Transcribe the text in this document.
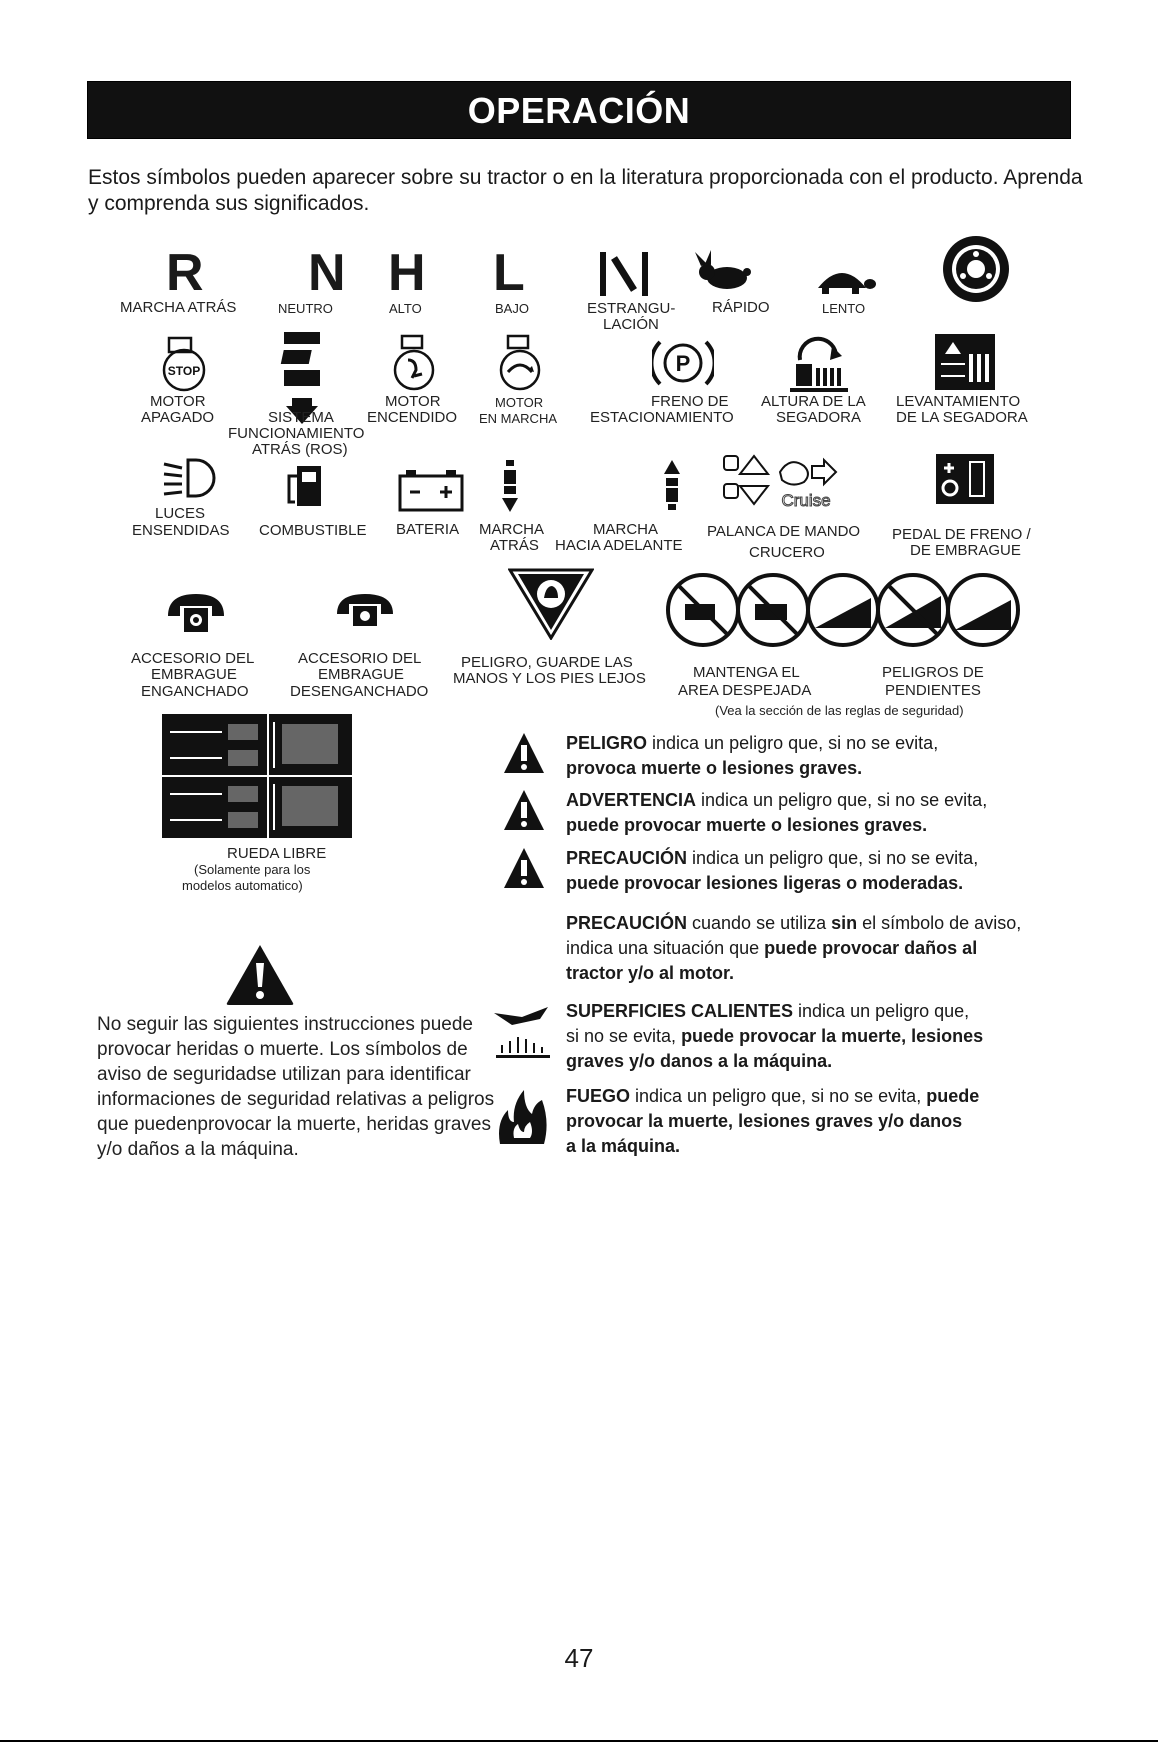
OPERACIÓN
Estos símbolos pueden aparecer sobre su tractor o en la literatura proporcionada con el producto. Aprenda y comprenda sus significados.
R N H L
MARCHA ATRÁS	NEUTRO	ALTO	BAJO	ESTRANGU-
LACIÓN
RÁPIDO	LENTO
STOP	P
MOTOR
APAGADO	SISTEMA
FUNCIONAMIENTO
ATRÁS (ROS)
MOTOR
ENCENDIDO
MOTOR
EN MARCHA
FRENO DE
ESTACIONAMIENTO
ALTURA DE LA
SEGADORA
LEVANTAMIENTO
DE LA SEGADORA
Cruise
LUCES
ENSENDIDAS COMBUSTIBLE BATERIA MARCHA
ATRÁS
MARCHA
HACIA ADELANTE
PALANCA DE MANDO
CRUCERO
PEDAL DE FRENO /
DE EMBRAGUE
ACCESORIO DEL
EMBRAGUE
ENGANCHADO
ACCESORIO DEL
EMBRAGUE
DESENGANCHADO
PELIGRO, GUARDE LAS
MANOS Y LOS PIES LEJOS	MANTENGA EL
AREA DESPEJADA
PELIGROS DE
PENDIENTES
(Vea la sección de las reglas de seguridad)
RUEDA LIBRE
(Solamente para los
modelos automatico)
No seguir las siguientes instrucciones puede provocar heridas o muerte. Los símbolos de aviso de seguridadse utilizan para identificar informaciones de seguridad relativas a peligros que puedenprovocar la muerte, heridas graves y/o daños a la máquina.
PELIGRO indica un peligro que, si no se evita,
provoca muerte o lesiones graves.
ADVERTENCIA indica un peligro que, si no se evita,
puede provocar muerte o lesiones graves.
PRECAUCIÓN indica un peligro que, si no se evita,
puede provocar lesiones ligeras o moderadas.
PRECAUCIÓN cuando se utiliza sin el símbolo de aviso,
indica una situación que puede provocar daños al
tractor y/o al motor.
SUPERFICIES CALIENTES indica un peligro que,
si no se evita, puede provocar la muerte, lesiones
graves y/o danos a la máquina.
FUEGO indica un peligro que, si no se evita, puede
provocar la muerte, lesiones graves y/o danos
a la máquina.
47
